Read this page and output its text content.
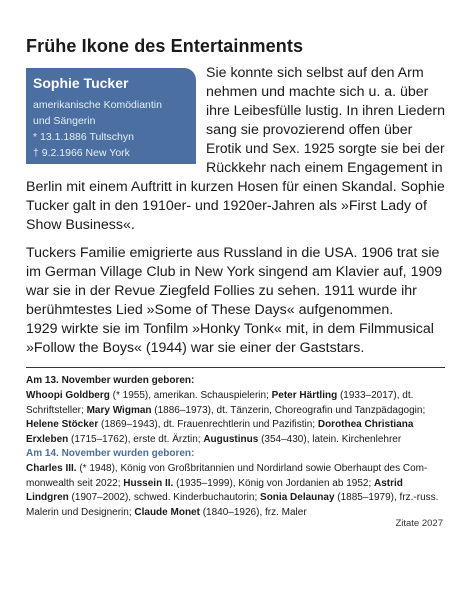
Frühe Ikone des Entertainments
Sophie Tucker
amerikanische Komödiantin
und Sängerin
* 13.1.1886 Tultschyn
† 9.2.1966 New York
Sie konnte sich selbst auf den Arm
nehmen und machte sich u. a. über
ihre Leibesfülle lustig. In ihren Liedern
sang sie provozierend offen über
Erotik und Sex. 1925 sorgte sie bei der
Rückkehr nach einem Engagement in
Berlin mit einem Auftritt in kurzen Hosen für einen Skandal. Sophie
Tucker galt in den 1910er- und 1920er-Jahren als »First Lady of
Show Business«.
Tuckers Familie emigrierte aus Russland in die USA. 1906 trat sie
im German Village Club in New York singend am Klavier auf, 1909
war sie in der Revue Ziegfeld Follies zu sehen. 1911 wurde ihr
berühmtestes Lied »Some of These Days« aufgenommen.
1929 wirkte sie im Tonfilm »Honky Tonk« mit, in dem Filmmusical
»Follow the Boys« (1944) war sie einer der Gaststars.
Am 13. November wurden geboren:
Whoopi Goldberg (* 1955), amerikan. Schauspielerin; Peter Härtling (1933–2017), dt.
Schriftsteller; Mary Wigman (1886–1973), dt. Tänzerin, Choreografin und Tanzpädagogin;
Helene Stöcker (1869–1943), dt. Frauenrechtlerin und Pazifistin; Dorothea Christiana
Erxleben (1715–1762), erste dt. Ärztin; Augustinus (354–430), latein. Kirchenlehrer
Am 14. November wurden geboren:
Charles III. (* 1948), König von Großbritannien und Nordirland sowie Oberhaupt des Com-
monwealth seit 2022; Hussein II. (1935–1999), König von Jordanien ab 1952; Astrid
Lindgren (1907–2002), schwed. Kinderbuchautorin; Sonia Delaunay (1885–1979), frz.-russ.
Malerin und Designerin; Claude Monet (1840–1926), frz. Maler
Zitate 2027
